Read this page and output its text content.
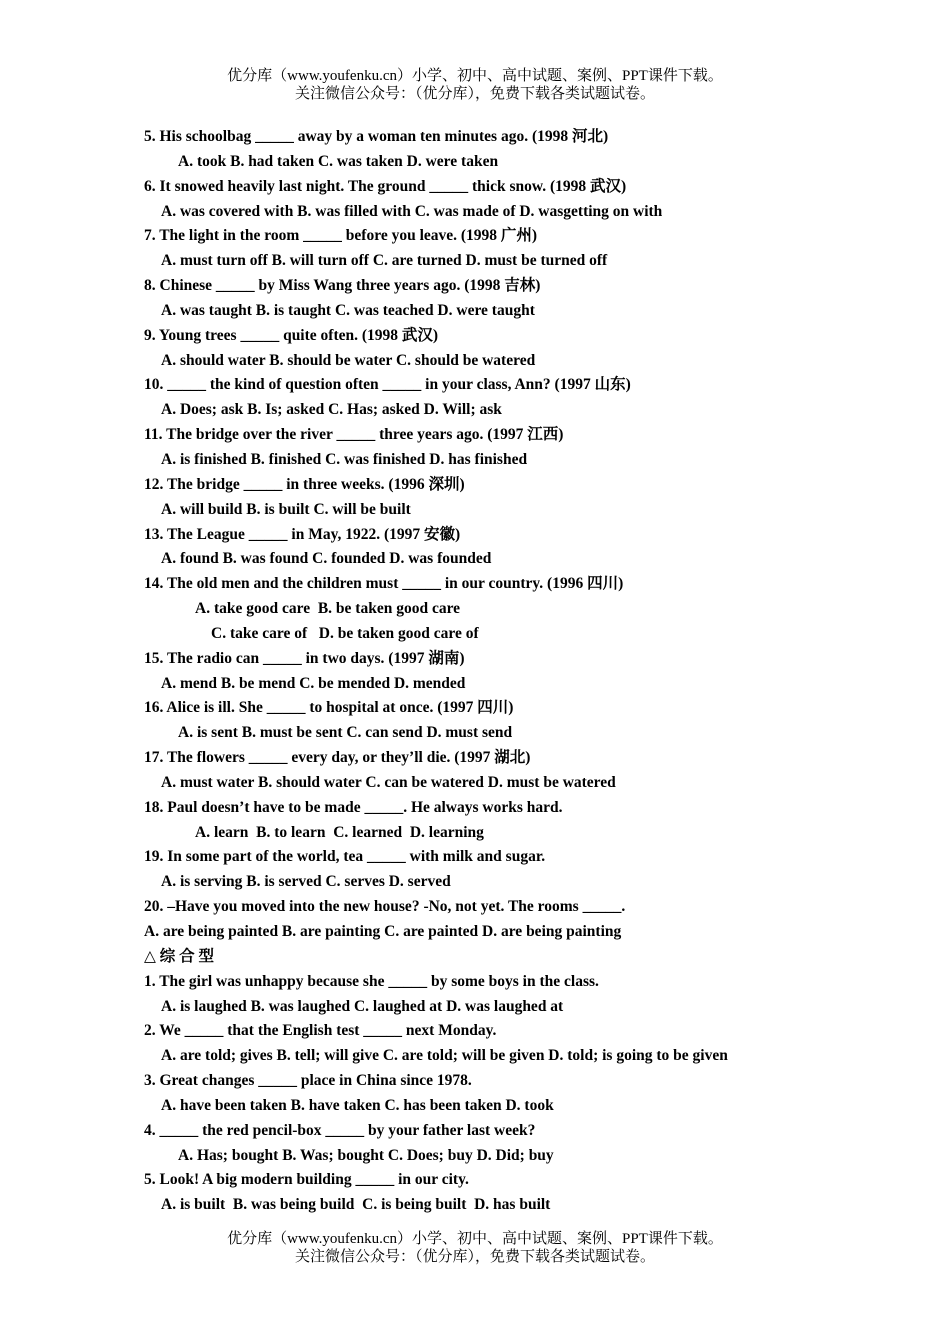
优分库（www.youfenku.cn）小学、初中、高中试题、案例、PPT课件下载。
关注微信公众号：（优分库），免费下载各类试题试卷。
5. His schoolbag _____ away by a woman ten minutes ago. (1998 河北)
A. took B. had taken C. was taken D. were taken
6. It snowed heavily last night. The ground _____ thick snow. (1998 武汉)
A. was covered with B. was filled with C. was made of D. wasgetting on with
7. The light in the room _____ before you leave. (1998 广州)
A. must turn off B. will turn off C. are turned D. must be turned off
8. Chinese _____ by Miss Wang three years ago. (1998 吉林)
A. was taught B. is taught C. was teached D. were taught
9. Young trees _____ quite often. (1998 武汉)
A. should water B. should be water C. should be watered
10. _____ the kind of question often _____ in your class, Ann? (1997 山东)
A. Does; ask B. Is; asked C. Has; asked D. Will; ask
11. The bridge over the river _____ three years ago. (1997 江西)
A. is finished B. finished C. was finished D. has finished
12. The bridge _____ in three weeks. (1996 深圳)
A. will build B. is built C. will be built
13. The League _____ in May, 1922. (1997 安徽)
A. found B. was found C. founded D. was founded
14. The old men and the children must _____ in our country. (1996 四川)
A. take good care  B. be taken good care
C. take care of   D. be taken good care of
15. The radio can _____ in two days. (1997 湖南)
A. mend B. be mend C. be mended D. mended
16. Alice is ill. She _____ to hospital at once. (1997 四川)
A. is sent B. must be sent C. can send D. must send
17. The flowers _____ every day, or they’ll die. (1997 湖北)
A. must water B. should water C. can be watered D. must be watered
18. Paul doesn’t have to be made _____. He always works hard.
A. learn  B. to learn  C. learned  D. learning
19. In some part of the world, tea _____ with milk and sugar.
A. is serving B. is served C. serves D. served
20. –Have you moved into the new house? -No, not yet. The rooms _____.
A. are being painted B. are painting C. are painted D. are being painting
△ 综 合 型
1. The girl was unhappy because she _____ by some boys in the class.
A. is laughed B. was laughed C. laughed at D. was laughed at
2. We _____ that the English test _____ next Monday.
A. are told; gives B. tell; will give C. are told; will be given D. told; is going to be given
3. Great changes _____ place in China since 1978.
A. have been taken B. have taken C. has been taken D. took
4. _____ the red pencil-box _____ by your father last week?
A. Has; bought B. Was; bought C. Does; buy D. Did; buy
5. Look! A big modern building _____ in our city.
A. is built  B. was being build  C. is being built  D. has built
优分库（www.youfenku.cn）小学、初中、高中试题、案例、PPT课件下载。
关注微信公众号：（优分库），免费下载各类试题试卷。
